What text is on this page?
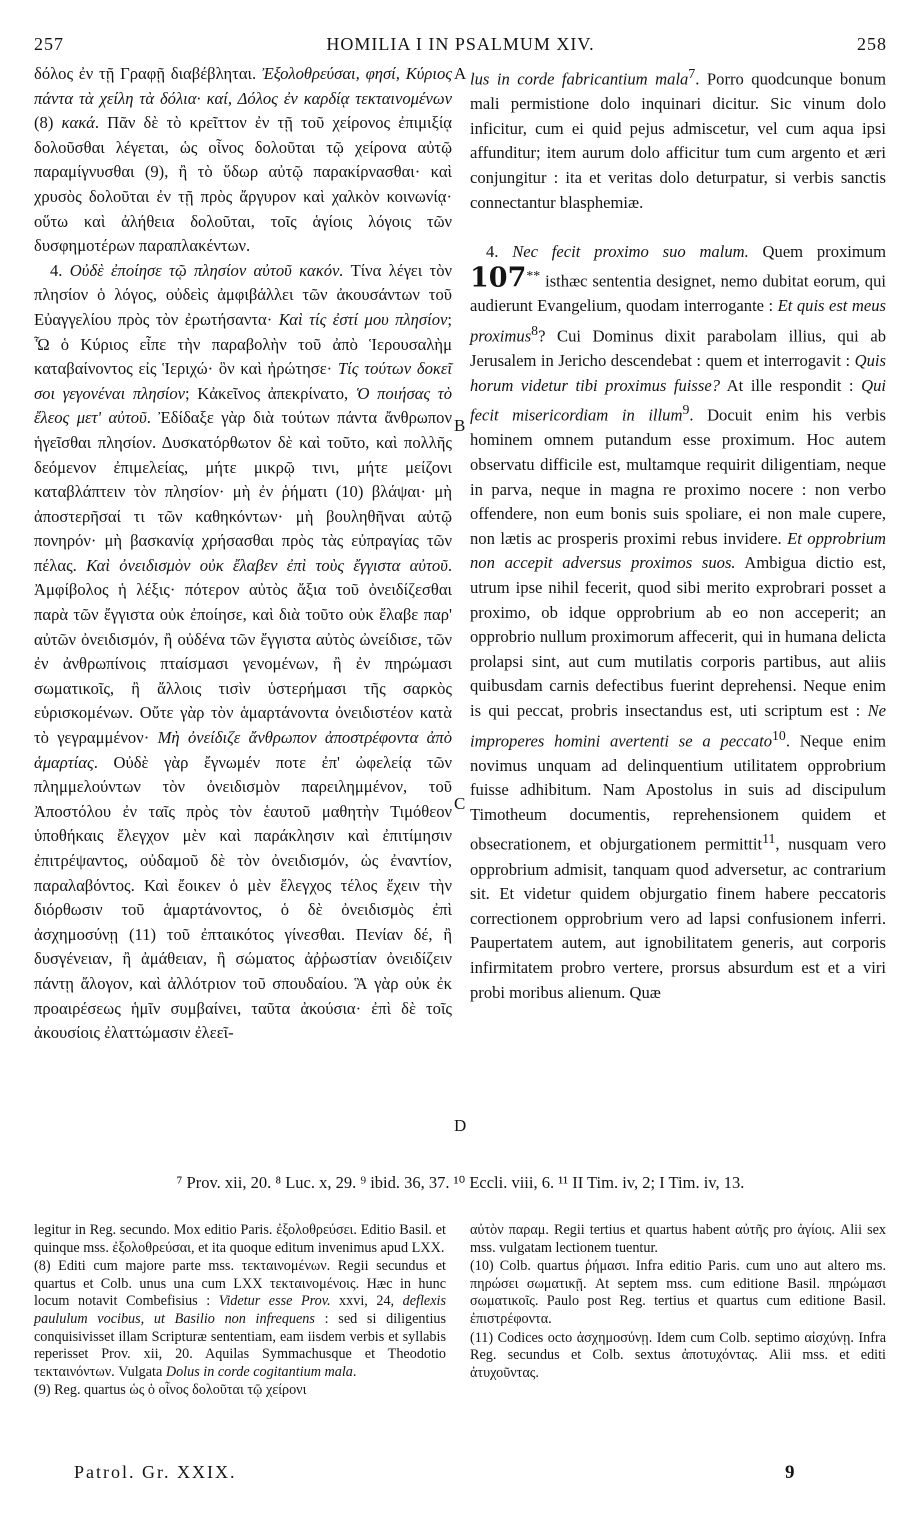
257	HOMILIA I IN PSALMUM XIV.	258

δόλος ἐν τῇ Γραφῇ διαβέβληται. Ἐξολοθρεύσαι, φησί, Κύριος πάντα τὰ χείλη τὰ δόλια· καί, Δόλος ἐν καρδίᾳ τεκταινομένων (8) κακά. Πᾶν δὲ τὸ κρεῖττον ἐν τῇ τοῦ χείρονος ἐπιμιξίᾳ δολοῦσθαι λέγεται, ὡς οἶνος δολοῦται τῷ χείρονα αὐτῷ παραμίγνυσθαι (9), ἢ τὸ ὕδωρ αὐτῷ παρακίρνασθαι· καὶ χρυσὸς δολοῦται ἐν τῇ πρὸς ἄργυρον καὶ χαλκὸν κοινωνίᾳ· οὕτω καὶ ἀλήθεια δολοῦται, τοῖς ἁγίοις λόγοις τῶν δυσφημοτέρων παραπλακέντων.

4. Οὐδὲ ἐποίησε τῷ πλησίον αὐτοῦ κακόν. Τίνα λέγει τὸν πλησίον ὁ λόγος, οὐδεὶς ἀμφιβάλλει τῶν ἀκουσάντων τοῦ Εὐαγγελίου πρὸς τὸν ἐρωτήσαντα· Καὶ τίς ἐστί μου πλησίον; Ὧ ὁ Κύριος εἶπε τὴν παραβολὴν τοῦ ἀπὸ Ἱερουσαλὴμ καταβαίνοντος εἰς Ἱεριχώ· ὃν καὶ ἠρώτησε· Τίς τούτων δοκεῖ σοι γεγονέναι πλησίον; Κἀκεῖνος ἀπεκρίνατο, Ὁ ποιήσας τὸ ἔλεος μετ' αὐτοῦ. Ἐδίδαξε γὰρ διὰ τούτων πάντα ἄνθρωπον ἡγεῖσθαι πλησίον. Δυσκατόρθωτον δὲ καὶ τοῦτο, καὶ πολλῆς δεόμενον ἐπιμελείας, μήτε μικρῷ τινι, μήτε μείζονι καταβλάπτειν τὸν πλησίον· μὴ ἐν ῥήματι (10) βλάψαι· μὴ ἀποστερῆσαί τι τῶν καθηκόντων· μὴ βουληθῆναι αὐτῷ πονηρόν· μὴ βασκανίᾳ χρήσασθαι πρὸς τὰς εὐπραγίας τῶν πέλας. Καὶ ὀνειδισμὸν οὐκ ἔλαβεν ἐπὶ τοὺς ἔγγιστα αὐτοῦ. Ἀμφίβολος ἡ λέξις· πότερον αὐτὸς ἄξια τοῦ ὀνειδίζεσθαι παρὰ τῶν ἔγγιστα οὐκ ἐποίησε, καὶ διὰ τοῦτο οὐκ ἔλαβε παρ' αὐτῶν ὀνειδισμόν, ἢ οὐδένα τῶν ἔγγιστα αὐτὸς ὠνείδισε, τῶν ἐν ἀνθρωπίνοις πταίσμασι γενομένων, ἢ ἐν πηρώμασι σωματικοῖς, ἢ ἄλλοις τισὶν ὑστερήμασι τῆς σαρκὸς εὑρισκομένων. Οὔτε γὰρ τὸν ἁμαρτάνοντα ὀνειδιστέον κατὰ τὸ γεγραμμένον· Μὴ ὀνείδιζε ἄνθρωπον ἀποστρέφοντα ἀπὸ ἁμαρτίας. Οὐδὲ γὰρ ἔγνωμέν ποτε ἐπ' ὠφελείᾳ τῶν πλημμελούντων τὸν ὀνειδισμὸν παρειλημμένον, τοῦ Ἀποστόλου ἐν ταῖς πρὸς τὸν ἑαυτοῦ μαθητὴν Τιμόθεον ὑποθήκαις ἔλεγχον μὲν καὶ παράκλησιν καὶ ἐπιτίμησιν ἐπιτρέψαντος, οὐδαμοῦ δὲ τὸν ὀνειδισμόν, ὡς ἐναντίον, παραλαβόντος. Καὶ ἔοικεν ὁ μὲν ἔλεγχος τέλος ἔχειν τὴν διόρθωσιν τοῦ ἁμαρτάνοντος, ὁ δὲ ὀνειδισμὸς ἐπὶ ἀσχημοσύνῃ (11) τοῦ ἐπταικότος γίνεσθαι. Πενίαν δέ, ἢ δυσγένειαν, ἢ ἀμάθειαν, ἢ σώματος ἀῤῥωστίαν ὀνειδίζειν πάντῃ ἄλογον, καὶ ἀλλότριον τοῦ σπουδαίου. Ἃ γὰρ οὐκ ἐκ προαιρέσεως ἡμῖν συμβαίνει, ταῦτα ἀκούσια· ἐπὶ δὲ τοῖς ἀκουσίοις ἐλαττώμασιν ἐλεεῖ-

lus in corde fabricantium mala$^7$. Porro quodcunque bonum mali permistione dolo inquinari dicitur. Sic vinum dolo inficitur, cum ei quid pejus admiscetur, vel cum aqua ipsi affunditur; item aurum dolo afficitur tum cum argento et æri conjungitur : ita et veritas dolo deturpatur, si verbis sanctis connectantur blasphemiæ.

4. Nec fecit proximo suo malum. Quem proximum 107** isthæc sententia designet, nemo dubitat eorum, qui audierunt Evangelium, quodam interrogante : Et quis est meus proximus$^8$? Cui Dominus dixit parabolam illius, qui ab Jerusalem in Jericho descendebat : quem et interrogavit : Quis horum videtur tibi proximus fuisse? At ille respondit : Qui fecit misericordiam in illum$^9$. Docuit enim his verbis hominem omnem putandum esse proximum. Hoc autem observatu difficile est, multamque requirit diligentiam, neque in parva, neque in magna re proximo nocere : non verbo offendere, non eum bonis suis spoliare, ei non male cupere, non lætis ac prosperis proximi rebus invidere. Et opprobrium non accepit adversus proximos suos. Ambigua dictio est, utrum ipse nihil fecerit, quod sibi merito exprobrari posset a proximo, ob idque opprobrium ab eo non acceperit; an opprobrio nullum proximorum affecerit, qui in humana delicta prolapsi sint, aut cum mutilatis corporis partibus, aut aliis quibusdam carnis defectibus fuerint deprehensi. Neque enim is qui peccat, probris insectandus est, uti scriptum est : Ne improperes homini avertenti se a peccato$^{10}$. Neque enim novimus unquam ad delinquentium utilitatem opprobrium fuisse adhibitum. Nam Apostolus in suis ad discipulum Timotheum documentis, reprehensionem quidem et obsecrationem, et objurgationem permittit$^{11}$, nusquam vero opprobrium admisit, tanquam quod adversetur, ac contrarium sit. Et videtur quidem objurgatio finem habere peccatoris correctionem opprobrium vero ad lapsi confusionem inferri. Paupertatem autem, aut ignobilitatem generis, aut corporis infirmitatem probro vertere, prorsus absurdum est et a viri probi moribus alienum. Quæ

A
B
C
D
⁷ Prov. xii, 20. ⁸ Luc. x, 29. ⁹ ibid. 36, 37. ¹⁰ Eccli. viii, 6. ¹¹ II Tim. iv, 2; I Tim. iv, 13.

legitur in Reg. secundo. Mox editio Paris. ἐξολοθρεύσει. Editio Basil. et quinque mss. ἐξολοθρεύσαι, et ita quoque editum invenimus apud LXX.

(8) Editi cum majore parte mss. τεκταινομένων. Regii secundus et quartus et Colb. unus una cum LXX τεκταινομένοις. Hæc in hunc locum notavit Combefisius : Videtur esse Prov. xxvi, 24, deflexis paululum vocibus, ut Basilio non infrequens : sed si diligentius conquisivisset illam Scripturæ sententiam, eam iisdem verbis et syllabis reperisset Prov. xii, 20. Aquilas Symmachusque et Theodotio τεκταινόντων. Vulgata Dolus in corde cogitantium mala.

(9) Reg. quartus ὡς ὁ οἶνος δολοῦται τῷ χείρονι

αὐτὸν παραμ. Regii tertius et quartus habent αὐτῆς pro ἁγίοις. Alii sex mss. vulgatam lectionem tuentur.

(10) Colb. quartus ῥήμασι. Infra editio Paris. cum uno aut altero ms. πηρώσει σωματικῇ. At septem mss. cum editione Basil. πηρώμασι σωματικοῖς. Paulo post Reg. tertius et quartus cum editione Basil. ἐπιστρέφοντα.

(11) Codices octo ἀσχημοσύνῃ. Idem cum Colb. septimo αἰσχύνῃ. Infra Reg. secundus et Colb. sextus ἀποτυχόντας. Alii mss. et editi ἀτυχοῦντας.

Patrol. Gr. XXIX.	9
